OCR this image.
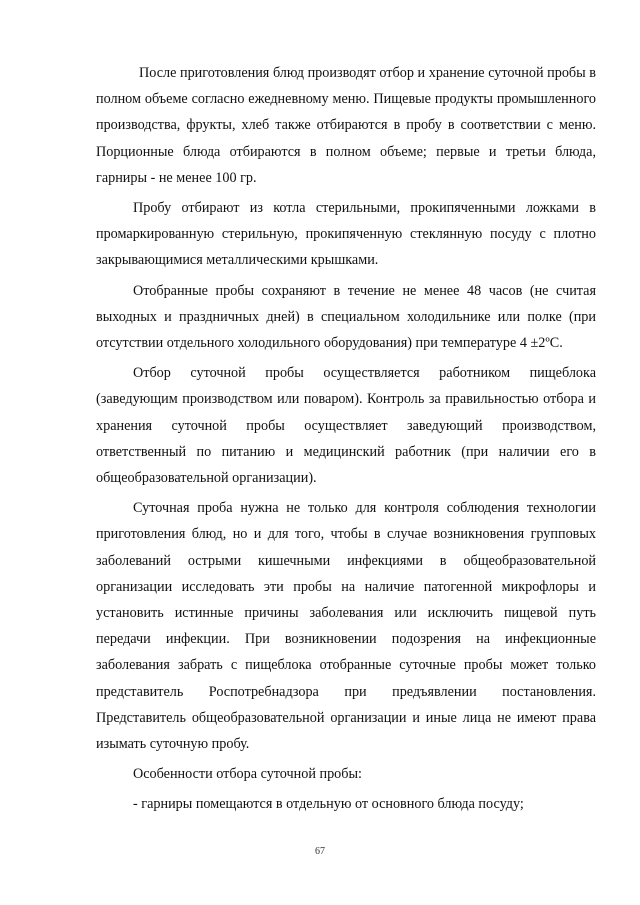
После приготовления блюд производят отбор и хранение суточной пробы в полном объеме согласно ежедневному меню. Пищевые продукты промышленного производства, фрукты, хлеб также отбираются в пробу в соответствии с меню. Порционные блюда отбираются в полном объеме; первые и третьи блюда, гарниры - не менее 100 гр.

Пробу отбирают из котла стерильными, прокипяченными ложками в промаркированную стерильную, прокипяченную стеклянную посуду с плотно закрывающимися металлическими крышками.

Отобранные пробы сохраняют в течение не менее 48 часов (не считая выходных и праздничных дней) в специальном холодильнике или полке (при отсутствии отдельного холодильного оборудования) при температуре 4 ±2ºС.

Отбор суточной пробы осуществляется работником пищеблока (заведующим производством или поваром). Контроль за правильностью отбора и хранения суточной пробы осуществляет заведующий производством, ответственный по питанию и медицинский работник (при наличии его в общеобразовательной организации).

Суточная проба нужна не только для контроля соблюдения технологии приготовления блюд, но и для того, чтобы в случае возникновения групповых заболеваний острыми кишечными инфекциями в общеобразовательной организации исследовать эти пробы на наличие патогенной микрофлоры и установить истинные причины заболевания или исключить пищевой путь передачи инфекции. При возникновении подозрения на инфекционные заболевания забрать с пищеблока отобранные суточные пробы может только представитель Роспотребнадзора при предъявлении постановления. Представитель общеобразовательной организации и иные лица не имеют права изымать суточную пробу.

Особенности отбора суточной пробы:

- гарниры помещаются в отдельную от основного блюда посуду;

67
